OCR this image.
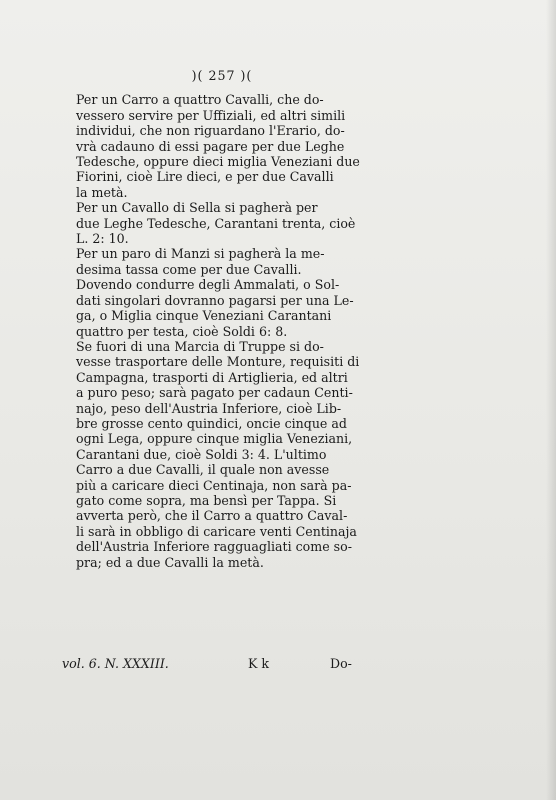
)( 257 )(

Per un Carro a quattro Cavalli, che do-
vessero servire per Uffiziali, ed altri simili
individui, che non riguardano l'Erario, do-
vrà cadauno di essi pagare per due Leghe
Tedesche, oppure dieci miglia Veneziani due
Fiorini, cioè Lire dieci, e per due Cavalli
la metà.

Per un Cavallo di Sella si pagherà per
due Leghe Tedesche, Carantani trenta, cioè
L. 2: 10.

Per un paro di Manzi si pagherà la me-
desima tassa come per due Cavalli.

Dovendo condurre degli Ammalati, o Sol-
dati singolari dovranno pagarsi per una Le-
ga, o Miglia cinque Veneziani Carantani
quattro per testa, cioè Soldi 6: 8.

Se fuori di una Marcia di Truppe si do-
vesse trasportare delle Monture, requisiti di
Campagna, trasporti di Artiglieria, ed altri
a puro peso; sarà pagato per cadaun Centi-
najo, peso dell'Austria Inferiore, cioè Lib-
bre grosse cento quindici, oncie cinque ad
ogni Lega, oppure cinque miglia Veneziani,
Carantani due, cioè Soldi 3: 4. L'ultimo
Carro a due Cavalli, il quale non avesse
più a caricare dieci Centinaja, non sarà pa-
gato come sopra, ma bensì per Tappa. Si
avverta però, che il Carro a quattro Caval-
li sarà in obbligo di caricare venti Centinaja
dell'Austria Inferiore ragguagliati come so-
pra; ed a due Cavalli la metà.

vol. 6. N. XXXIII.	K k	Do-
